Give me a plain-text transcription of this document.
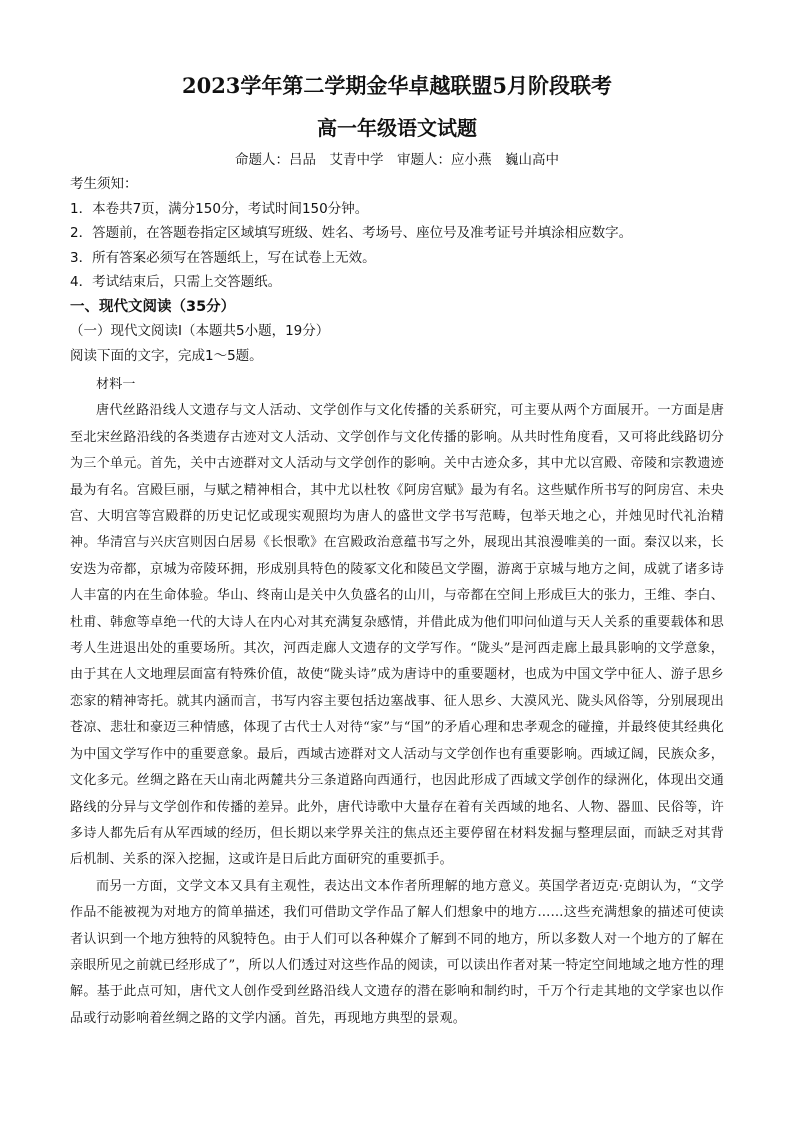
2023学年第二学期金华卓越联盟5月阶段联考
高一年级语文试题
命题人：吕品　艾青中学　审题人：应小燕　巍山高中
考生须知：
1．本卷共7页，满分150分，考试时间150分钟。
2．答题前，在答题卷指定区域填写班级、姓名、考场号、座位号及准考证号并填涂相应数字。
3．所有答案必须写在答题纸上，写在试卷上无效。
4．考试结束后，只需上交答题纸。
一、现代文阅读（35分）
（一）现代文阅读Ⅰ（本题共5小题，19分）
阅读下面的文字，完成1～5题。

材料一

唐代丝路沿线人文遗存与文人活动、文学创作与文化传播的关系研究，可主要从两个方面展开。一方面是唐至北宋丝路沿线的各类遗存古迹对文人活动、文学创作与文化传播的影响。从共时性角度看，又可将此线路切分为三个单元。首先，关中古迹群对文人活动与文学创作的影响。关中古迹众多，其中尤以宫殿、帝陵和宗教遗迹最为有名。宫殿巨丽，与赋之精神相合，其中尤以杜牧《阿房宫赋》最为有名。这些赋作所书写的阿房宫、未央宫、大明宫等宫殿群的历史记忆或现实观照均为唐人的盛世文学书写范畴，包举天地之心，并烛见时代礼治精神。华清宫与兴庆宫则因白居易《长恨歌》在宫殿政治意蕴书写之外，展现出其浪漫唯美的一面。秦汉以来，长安迭为帝都，京城为帝陵环拥，形成别具特色的陵冢文化和陵邑文学圈，游离于京城与地方之间，成就了诸多诗人丰富的内在生命体验。华山、终南山是关中久负盛名的山川，与帝都在空间上形成巨大的张力，王维、李白、杜甫、韩愈等卓绝一代的大诗人在内心对其充满复杂感情，并借此成为他们叩问仙道与天人关系的重要载体和思考人生进退出处的重要场所。其次，河西走廊人文遗存的文学写作。“陇头”是河西走廊上最具影响的文学意象，由于其在人文地理层面富有特殊价值，故使“陇头诗”成为唐诗中的重要题材，也成为中国文学中征人、游子思乡恋家的精神寄托。就其内涵而言，书写内容主要包括边塞战事、征人思乡、大漠风光、陇头风俗等，分别展现出苍凉、悲壮和豪迈三种情感，体现了古代士人对待“家”与“国”的矛盾心理和忠孝观念的碰撞，并最终使其经典化为中国文学写作中的重要意象。最后，西域古迹群对文人活动与文学创作也有重要影响。西域辽阔，民族众多，文化多元。丝绸之路在天山南北两麓共分三条道路向西通行，也因此形成了西域文学创作的绿洲化，体现出交通路线的分异与文学创作和传播的差异。此外，唐代诗歌中大量存在着有关西域的地名、人物、器皿、民俗等，许多诗人都先后有从军西域的经历，但长期以来学界关注的焦点还主要停留在材料发掘与整理层面，而缺乏对其背后机制、关系的深入挖掘，这或许是日后此方面研究的重要抓手。

而另一方面，文学文本又具有主观性，表达出文本作者所理解的地方意义。英国学者迈克·克朗认为，“文学作品不能被视为对地方的简单描述，我们可借助文学作品了解人们想象中的地方……这些充满想象的描述可使读者认识到一个地方独特的风貌特色。由于人们可以各种媒介了解到不同的地方，所以多数人对一个地方的了解在亲眼所见之前就已经形成了”，所以人们透过对这些作品的阅读，可以读出作者对某一特定空间地域之地方性的理解。基于此点可知，唐代文人创作受到丝路沿线人文遗存的潜在影响和制约时，千万个行走其地的文学家也以作品或行动影响着丝绸之路的文学内涵。首先，再现地方典型的景观。
